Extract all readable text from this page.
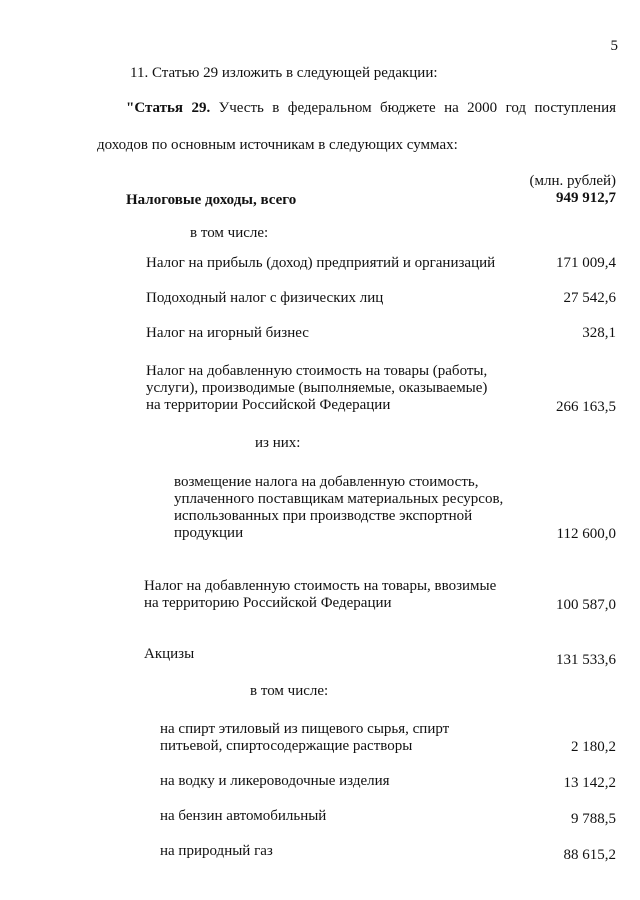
5
11. Статью 29 изложить в следующей редакции:
"Статья 29. Учесть в федеральном бюджете на 2000 год поступления
доходов по основным источникам в следующих суммах:
(млн. рублей)
Налоговые доходы, всего	949 912,7
в том числе:
Налог на прибыль (доход) предприятий и организаций	171 009,4
Подоходный налог с физических лиц	27 542,6
Налог на игорный бизнес	328,1
Налог на добавленную стоимость на товары (работы,
услуги), производимые (выполняемые, оказываемые)
на территории Российской Федерации	266 163,5
из них:
возмещение налога на добавленную стоимость,
уплаченного поставщикам материальных ресурсов,
использованных при производстве экспортной
продукции	112 600,0
Налог на добавленную стоимость на товары, ввозимые
на территорию Российской Федерации	100 587,0
Акцизы	131 533,6
в том числе:
на спирт этиловый из пищевого сырья, спирт
питьевой, спиртосодержащие растворы	2 180,2
на водку и ликероводочные изделия	13 142,2
на бензин автомобильный	9 788,5
на природный газ	88 615,2
